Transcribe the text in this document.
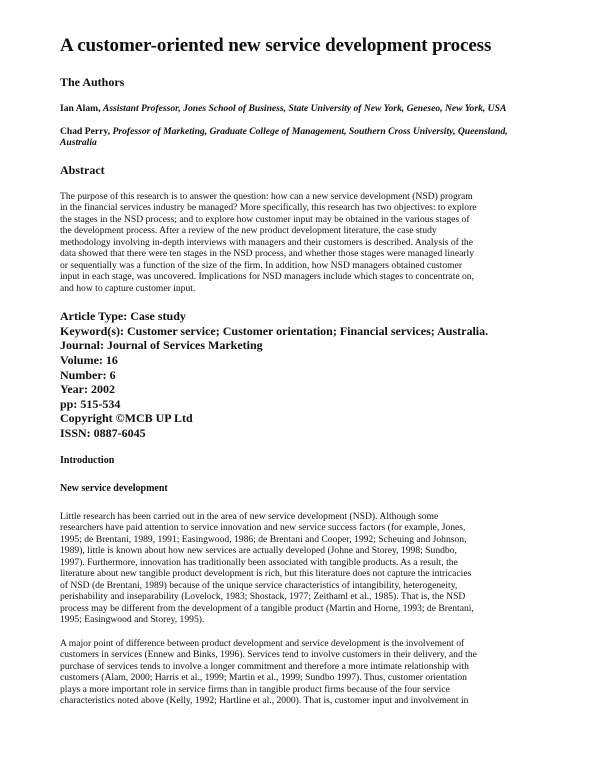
A customer-oriented new service development process
The Authors
Ian Alam, Assistant Professor, Jones School of Business, State University of New York, Geneseo, New York, USA
Chad Perry, Professor of Marketing, Graduate College of Management, Southern Cross University, Queensland, Australia
Abstract

The purpose of this research is to answer the question: how can a new service development (NSD) program
in the financial services industry be managed? More specifically, this research has two objectives: to explore
the stages in the NSD process; and to explore how customer input may be obtained in the various stages of
the development process. After a review of the new product development literature, the case study
methodology involving in-depth interviews with managers and their customers is described. Analysis of the
data showed that there were ten stages in the NSD process, and whether those stages were managed linearly
or sequentially was a function of the size of the firm. In addition, how NSD managers obtained customer
input in each stage, was uncovered. Implications for NSD managers include which stages to concentrate on,
and how to capture customer input.

Article Type: Case study
Keyword(s): Customer service; Customer orientation; Financial services; Australia.
Journal: Journal of Services Marketing
Volume: 16
Number: 6
Year: 2002
pp: 515-534
Copyright ©MCB UP Ltd
ISSN: 0887-6045
Introduction
New service development

Little research has been carried out in the area of new service development (NSD). Although some
researchers have paid attention to service innovation and new service success factors (for example, Jones,
1995; de Brentani, 1989, 1991; Easingwood, 1986; de Brentani and Cooper, 1992; Scheuing and Johnson,
1989), little is known about how new services are actually developed (Johne and Storey, 1998; Sundbo,
1997). Furthermore, innovation has traditionally been associated with tangible products. As a result, the
literature about new tangible product development is rich, but this literature does not capture the intricacies
of NSD (de Brentani, 1989) because of the unique service characteristics of intangibility, heterogeneity,
perishability and inseparability (Lovelock, 1983; Shostack, 1977; Zeithaml et al., 1985). That is, the NSD
process may be different from the development of a tangible product (Martin and Horne, 1993; de Brentani,
1995; Easingwood and Storey, 1995).

A major point of difference between product development and service development is the involvement of
customers in services (Ennew and Binks, 1996). Services tend to involve customers in their delivery, and the
purchase of services tends to involve a longer commitment and therefore a more intimate relationship with
customers (Alam, 2000; Harris et al., 1999; Martin et al., 1999; Sundbo 1997). Thus, customer orientation
plays a more important role in service firms than in tangible product firms because of the four service
characteristics noted above (Kelly, 1992; Hartline et al., 2000). That is, customer input and involvement in
